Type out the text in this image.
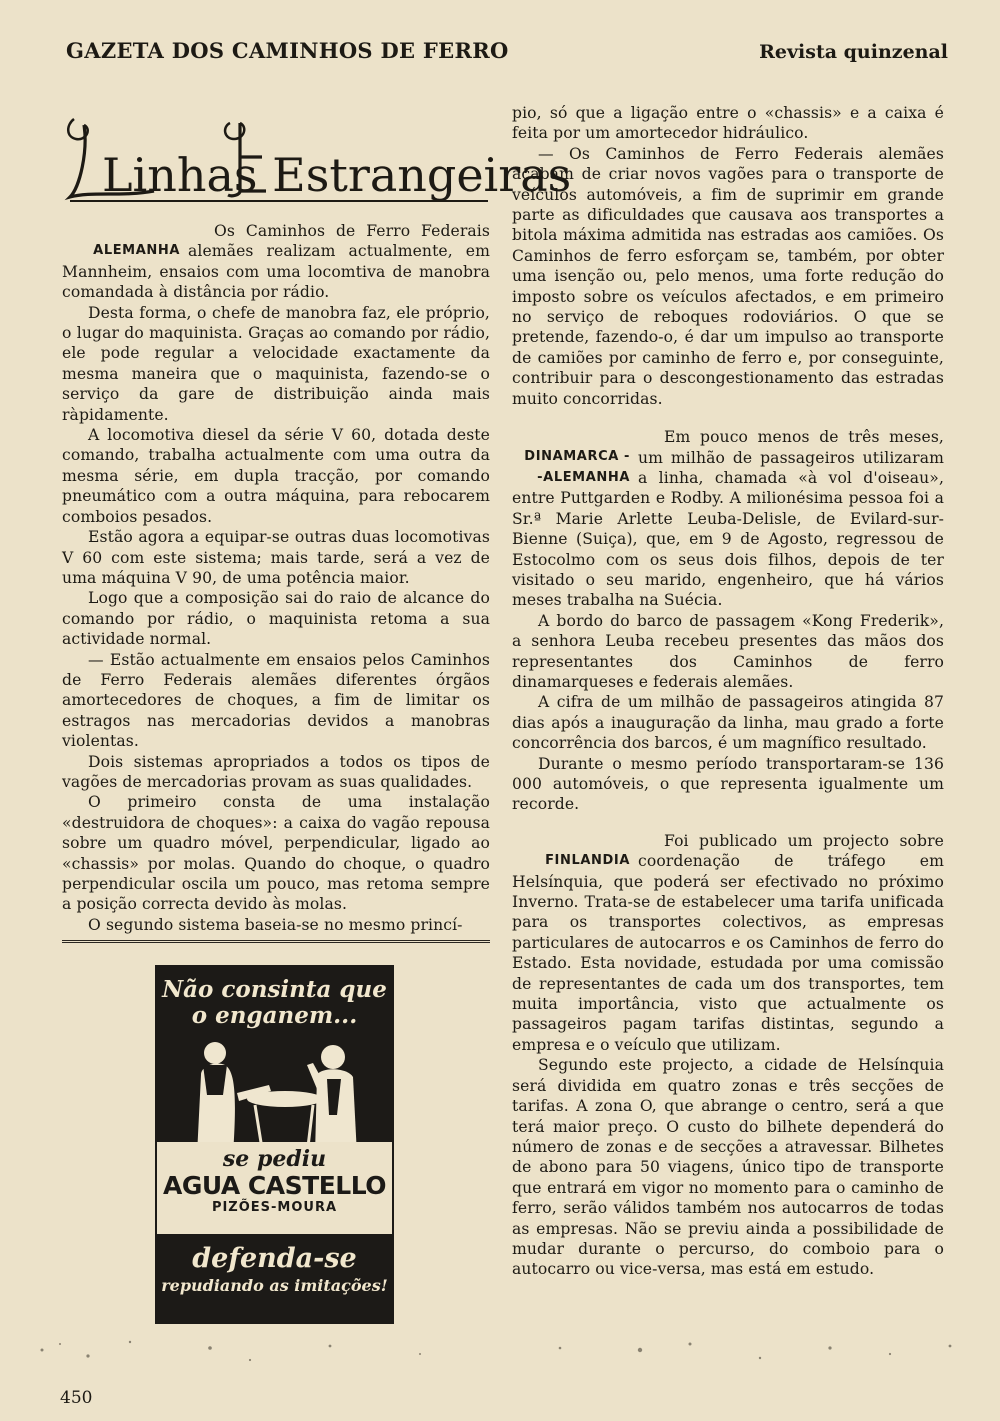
GAZETA DOS CAMINHOS DE FERRO	Revista quinzenal
Linhas Estrangeiras
ALEMANHA

Os Caminhos de Ferro Federais alemães realizam actualmente, em Mannheim, ensaios com uma locomtiva de manobra comandada à distância por rádio.

Desta forma, o chefe de manobra faz, ele próprio, o lugar do maquinista. Graças ao comando por rádio, ele pode regular a velocidade exactamente da mesma maneira que o maquinista, fazendo-se o serviço da gare de distribuição ainda mais ràpidamente.

A locomotiva diesel da série V 60, dotada deste comando, trabalha actualmente com uma outra da mesma série, em dupla tracção, por comando pneumático com a outra máquina, para rebocarem comboios pesados.

Estão agora a equipar-se outras duas locomotivas V 60 com este sistema; mais tarde, será a vez de uma máquina V 90, de uma potência maior.

Logo que a composição sai do raio de alcance do comando por rádio, o maquinista retoma a sua actividade normal.

— Estão actualmente em ensaios pelos Caminhos de Ferro Federais alemães diferentes órgãos amortecedores de choques, a fim de limitar os estragos nas mercadorias devidos a manobras violentas.

Dois sistemas apropriados a todos os tipos de vagões de mercadorias provam as suas qualidades.

O primeiro consta de uma instalação «destruidora de choques»: a caixa do vagão repousa sobre um quadro móvel, perpendicular, ligado ao «chassis» por molas. Quando do choque, o quadro perpendicular oscila um pouco, mas retoma sempre a posição correcta devido às molas.

O segundo sistema baseia-se no mesmo princí-

Não consinta que o enganem...
se pediu
AGUA CASTELLO
PIZÕES-MOURA
defenda-se
repudiando as imitações!

pio, só que a ligação entre o «chassis» e a caixa é feita por um amortecedor hidráulico.

— Os Caminhos de Ferro Federais alemães acabam de criar novos vagões para o transporte de veículos automóveis, a fim de suprimir em grande parte as dificuldades que causava aos transportes a bitola máxima admitida nas estradas aos camiões. Os Caminhos de ferro esforçam se, também, por obter uma isenção ou, pelo menos, uma forte redução do imposto sobre os veículos afectados, e em primeiro no serviço de reboques rodoviários. O que se pretende, fazendo-o, é dar um impulso ao transporte de camiões por caminho de ferro e, por conseguinte, contribuir para o descongestionamento das estradas muito concorridas.

DINAMARCA -
-ALEMANHA

Em pouco menos de três meses, um milhão de passageiros utilizaram a linha, chamada «à vol d'oiseau», entre Puttgarden e Rodby. A milionésima pessoa foi a Sr.ª Marie Arlette Leuba-Delisle, de Evilard-sur-Bienne (Suiça), que, em 9 de Agosto, regressou de Estocolmo com os seus dois filhos, depois de ter visitado o seu marido, engenheiro, que há vários meses trabalha na Suécia.

A bordo do barco de passagem «Kong Frederik», a senhora Leuba recebeu presentes das mãos dos representantes dos Caminhos de ferro dinamarqueses e federais alemães.

A cifra de um milhão de passageiros atingida 87 dias após a inauguração da linha, mau grado a forte concorrência dos barcos, é um magnífico resultado.

Durante o mesmo período transportaram-se 136 000 automóveis, o que representa igualmente um recorde.

FINLANDIA

Foi publicado um projecto sobre coordenação de tráfego em Helsínquia, que poderá ser efectivado no próximo Inverno. Trata-se de estabelecer uma tarifa unificada para os transportes colectivos, as empresas particulares de autocarros e os Caminhos de ferro do Estado. Esta novidade, estudada por uma comissão de representantes de cada um dos transportes, tem muita importância, visto que actualmente os passageiros pagam tarifas distintas, segundo a empresa e o veículo que utilizam.

Segundo este projecto, a cidade de Helsínquia será dividida em quatro zonas e três secções de tarifas. A zona O, que abrange o centro, será a que terá maior preço. O custo do bilhete dependerá do número de zonas e de secções a atravessar. Bilhetes de abono para 50 viagens, único tipo de transporte que entrará em vigor no momento para o caminho de ferro, serão válidos também nos autocarros de todas as empresas. Não se previu ainda a possibilidade de mudar durante o percurso, do comboio para o autocarro ou vice-versa, mas está em estudo.

450
